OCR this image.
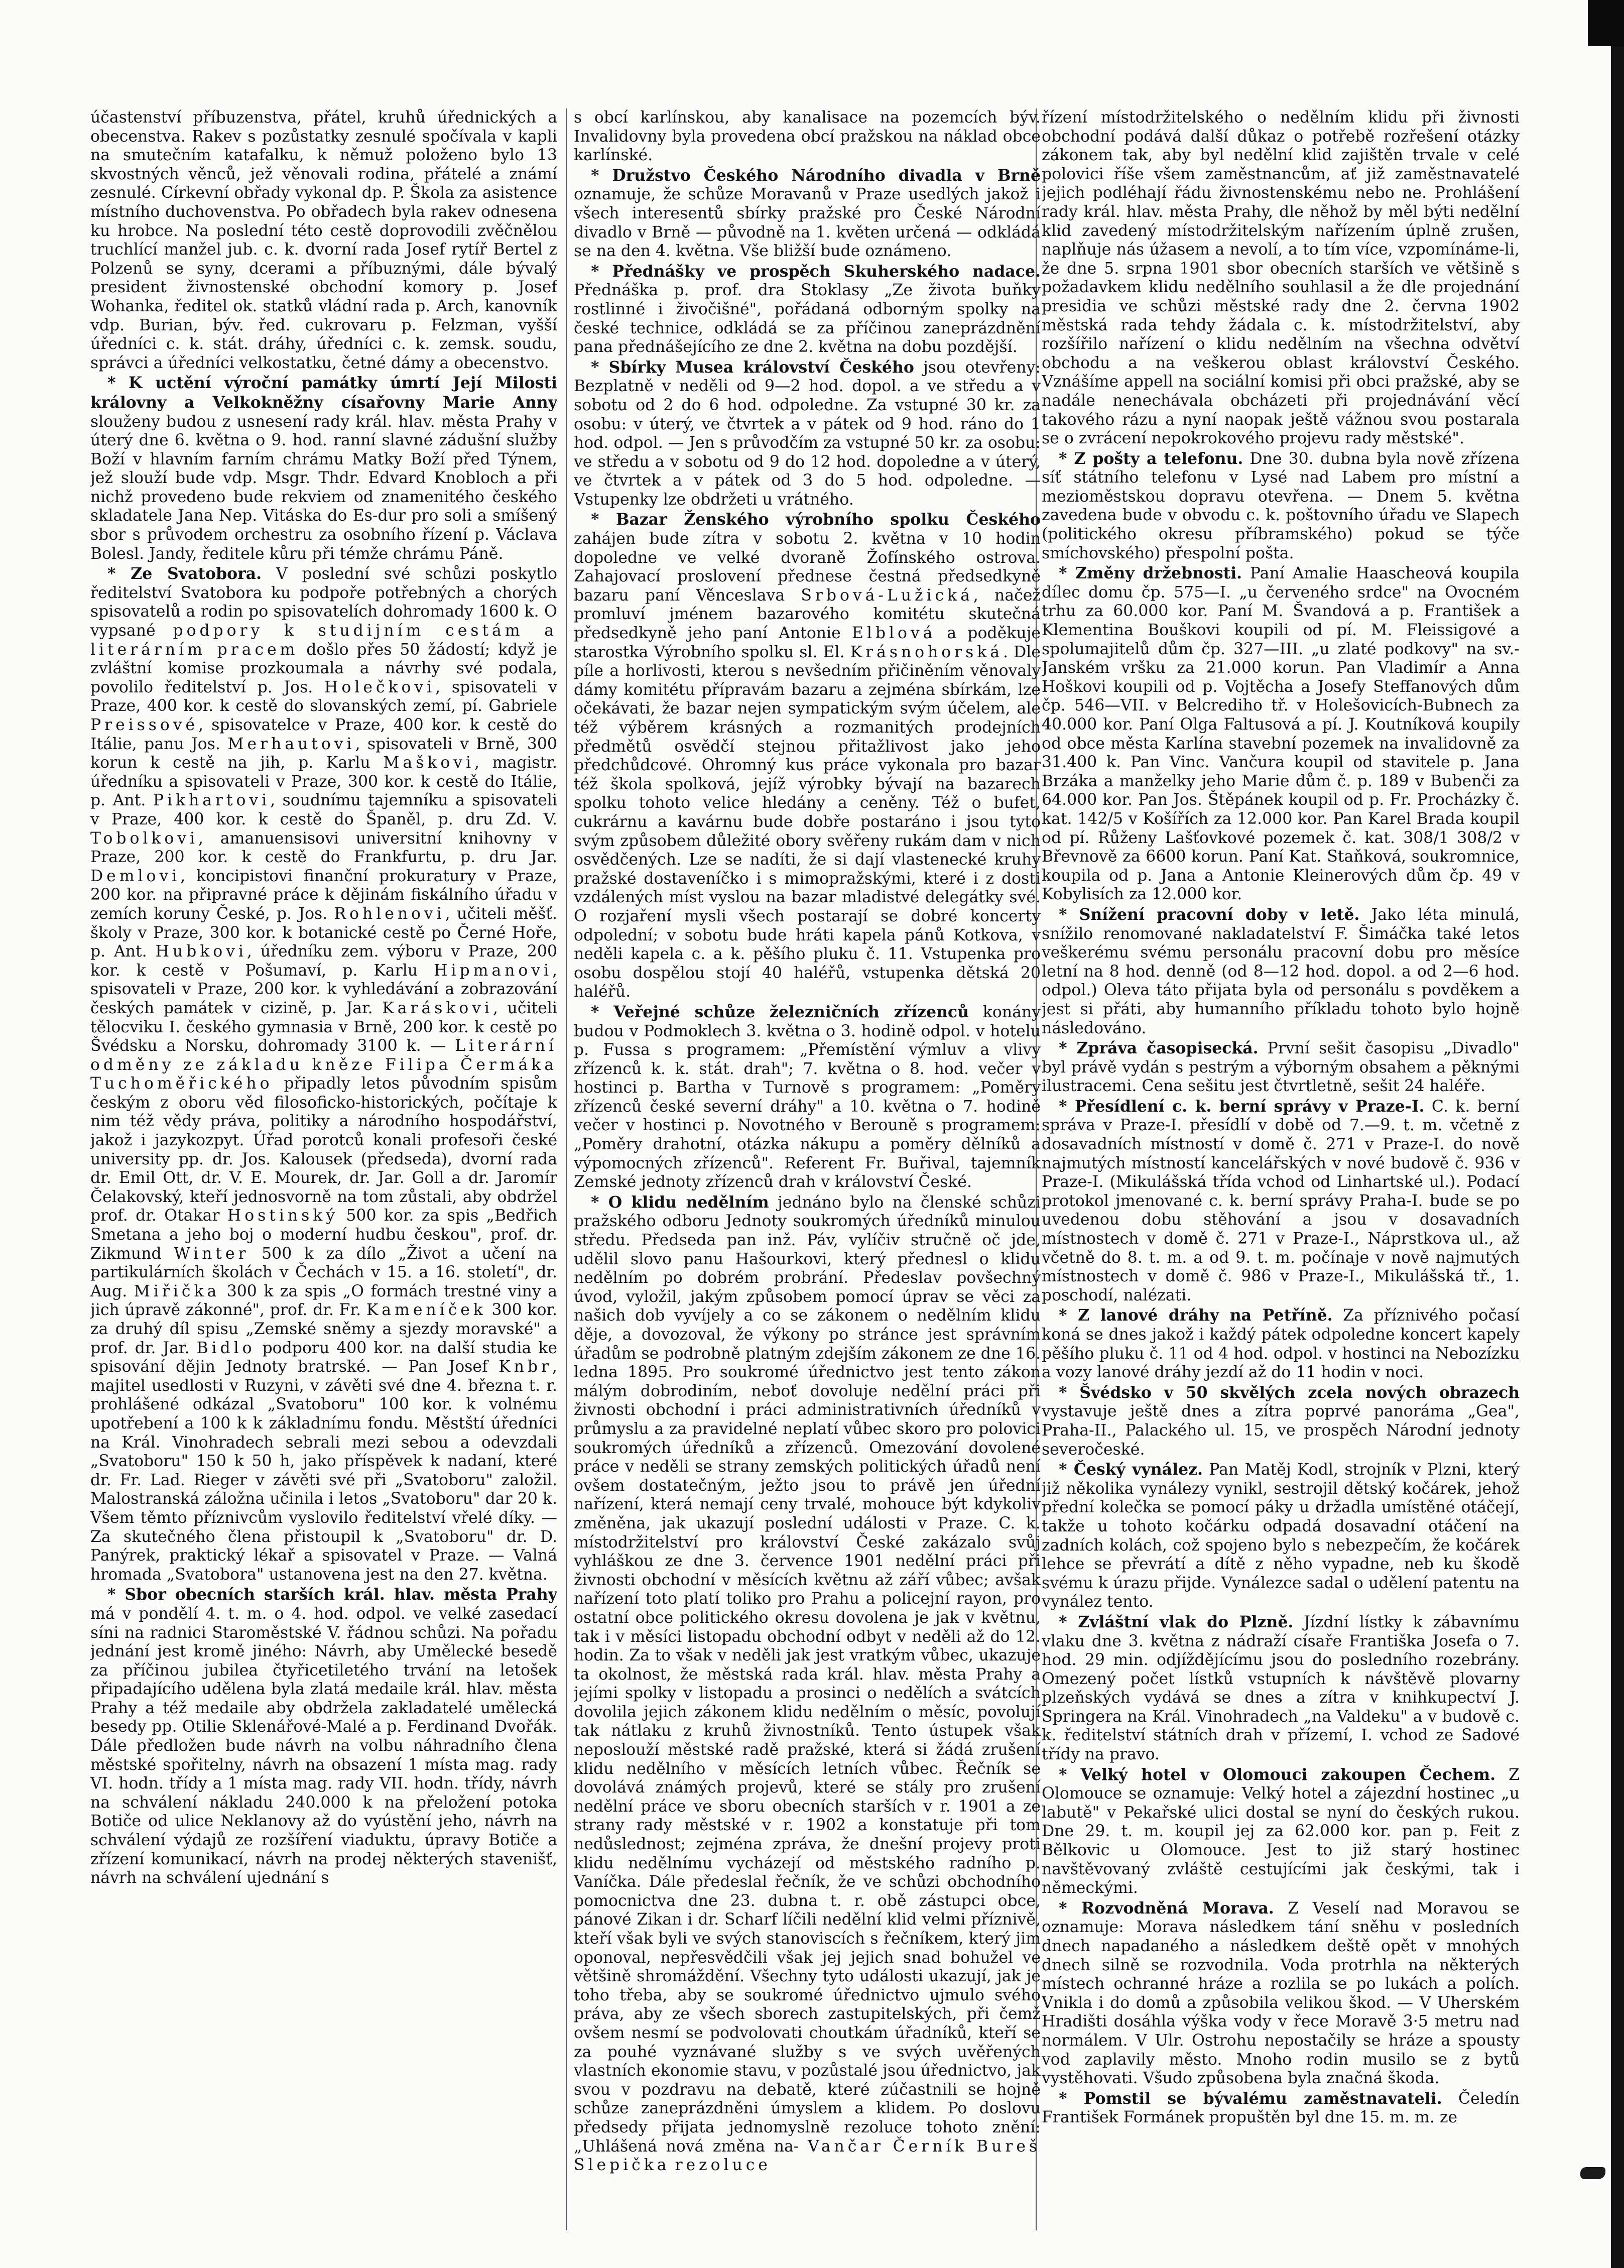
účastenství příbuzenstva, přátel, kruhů úřednických a obecenstva. Rakev s pozůstatky zesnulé spočívala v kapli na smutečním katafalku, k němuž položeno bylo 13 skvostných věnců, jež věnovali rodina, přátelé a známí zesnulé. Církevní obřady vykonal dp. P. Škola za asistence místního duchovenstva. Po obřadech byla rakev odnesena ku hrobce. Na poslední této cestě doprovodili zvěčnělou truchlící manžel jub. c. k. dvorní rada Josef rytíř Bertel z Polzenů se syny, dcerami a příbuznými, dále bývalý president živnostenské obchodní komory p. Josef Wohanka, ředitel ok. statků vládní rada p. Arch, kanovník vdp. Burian, býv. řed. cukrovaru p. Felzman, vyšší úředníci c. k. stát. dráhy, úředníci c. k. zemsk. soudu, správci a úředníci velkostatku, četné dámy a obecenstvo.

* K uctění výroční památky úmrtí Její Milosti královny a Velkokněžny císařovny Marie Anny slouženy budou z usnesení rady král. hlav. města Prahy v úterý dne 6. května o 9. hod. ranní slavné zádušní služby Boží v hlavním farním chrámu Matky Boží před Týnem, jež slouží bude vdp. Msgr. Thdr. Edvard Knobloch a při nichž provedeno bude rekviem od znamenitého českého skladatele Jana Nep. Vitáska do Es-dur pro soli a smíšený sbor s průvodem orchestru za osobního řízení p. Václava Bolesl. Jandy, ředitele kůru při témže chrámu Páně.

* Ze Svatobora. V poslední své schůzi poskytlo ředitelství Svatobora ku podpoře potřebných a chorých spisovatelů a rodin po spisovatelích dohromady 1600 k. O vypsané podpory k studijním cestám a literárním pracem došlo přes 50 žádostí; když je zvláštní komise prozkoumala a návrhy své podala, povolilo ředitelství p. Jos. Holečkovi, spisovateli v Praze, 400 kor. k cestě do slovanských zemí, pí. Gabriele Preissové, spisovatelce v Praze, 400 kor. k cestě do Itálie, panu Jos. Merhautovi, spisovateli v Brně, 300 korun k cestě na jih, p. Karlu Maškovi, magistr. úředníku a spisovateli v Praze, 300 kor. k cestě do Itálie, p. Ant. Pikhartovi, soudnímu tajemníku a spisovateli v Praze, 400 kor. k cestě do Španěl, p. dru Zd. V. Tobolkovi, amanuensisovi universitní knihovny v Praze, 200 kor. k cestě do Frankfurtu, p. dru Jar. Demlovi, koncipistovi finanční prokuratury v Praze, 200 kor. na připravné práce k dějinám fiskálního úřadu v zemích koruny České, p. Jos. Rohlenovi, učiteli měšť. školy v Praze, 300 kor. k botanické cestě po Černé Hoře, p. Ant. Hubkovi, úředníku zem. výboru v Praze, 200 kor. k cestě v Pošumaví, p. Karlu Hipmanovi, spisovateli v Praze, 200 kor. k vyhledávání a zobrazování českých památek v cizině, p. Jar. Karáskovi, učiteli tělocviku I. českého gymnasia v Brně, 200 kor. k cestě po Švédsku a Norsku, dohromady 3100 k. — Literární odměny ze základu kněze Filipa Čermáka Tuchoměřického připadly letos původním spisům českým z oboru věd filosoficko-historických, počítaje k nim též vědy práva, politiky a národního hospodářství, jakož i jazykozpyt. Úřad porotců konali profesoři české university pp. dr. Jos. Kalousek (předseda), dvorní rada dr. Emil Ott, dr. V. E. Mourek, dr. Jar. Goll a dr. Jaromír Čelakovský, kteří jednosvorně na tom zůstali, aby obdržel prof. dr. Otakar Hostinský 500 kor. za spis „Bedřich Smetana a jeho boj o moderní hudbu českou", prof. dr. Zikmund Winter 500 k za dílo „Život a učení na partikulárních školách v Čechách v 15. a 16. století", dr. Aug. Miřička 300 k za spis „O formách trestné viny a jich úpravě zákonné", prof. dr. Fr. Kameníček 300 kor. za druhý díl spisu „Zemské sněmy a sjezdy moravské" a prof. dr. Jar. Bidlo podporu 400 kor. na další studia ke spisování dějin Jednoty bratrské. — Pan Josef Knbr, majitel usedlosti v Ruzyni, v závěti své dne 4. března t. r. prohlášené odkázal „Svatoboru" 100 kor. k volnému upotřebení a 100 k k základnímu fondu. Městští úředníci na Král. Vinohradech sebrali mezi sebou a odevzdali „Svatoboru" 150 k 50 h, jako příspěvek k nadaní, které dr. Fr. Lad. Rieger v závěti své při „Svatoboru" založil. Malostranská záložna učinila i letos „Svatoboru" dar 20 k. Všem těmto příznivcům vyslovilo ředitelství vřelé díky. — Za skutečného člena přistoupil k „Svatoboru" dr. D. Panýrek, praktický lékař a spisovatel v Praze. — Valná hromada „Svatobora" ustanovena jest na den 27. května.

* Sbor obecních starších král. hlav. města Prahy má v pondělí 4. t. m. o 4. hod. odpol. ve velké zasedací síni na radnici Staroměstské V. řádnou schůzi. Na pořadu jednání jest kromě jiného: Návrh, aby Umělecké besedě za příčinou jubilea čtyřicetiletého trvání na letošek připadajícího udělena byla zlatá medaile král. hlav. města Prahy a též medaile aby obdržela zakladatelé umělecká besedy pp. Otilie Sklenářové-Malé a p. Ferdinand Dvořák. Dále předložen bude návrh na volbu náhradního člena městské spořitelny, návrh na obsazení 1 místa mag. rady VI. hodn. třídy a 1 místa mag. rady VII. hodn. třídy, návrh na schválení nákladu 240.000 k na přeložení potoka Botiče od ulice Neklanovy až do vyústění jeho, návrh na schválení výdajů ze rozšíření viaduktu, úpravy Botiče a zřízení komunikací, návrh na prodej některých stavenišť, návrh na schválení ujednání s

s obcí karlínskou, aby kanalisace na pozemcích býv. Invalidovny byla provedena obcí pražskou na náklad obce karlínské.

* Družstvo Českého Národního divadla v Brně oznamuje, že schůze Moravanů v Praze usedlých jakož i všech interesentů sbírky pražské pro České Národní divadlo v Brně — původně na 1. květen určená — odkládá se na den 4. května. Vše bližší bude oznámeno.

* Přednášky ve prospěch Skuherského nadace. Přednáška p. prof. dra Stoklasy „Ze života buňky rostlinné i živočišné", pořádaná odborným spolky na české technice, odkládá se za příčinou zaneprázdnění pana přednášejícího ze dne 2. května na dobu pozdější.

* Sbírky Musea království Českého jsou otevřeny: Bezplatně v neděli od 9—2 hod. dopol. a ve středu a v sobotu od 2 do 6 hod. odpoledne. Za vstupné 30 kr. za osobu: v úterý, ve čtvrtek a v pátek od 9 hod. ráno do 1 hod. odpol. — Jen s průvodčím za vstupné 50 kr. za osobu: ve středu a v sobotu od 9 do 12 hod. dopoledne a v úterý, ve čtvrtek a v pátek od 3 do 5 hod. odpoledne. — Vstupenky lze obdržeti u vrátného.

* Bazar Ženského výrobního spolku Českého zahájen bude zítra v sobotu 2. května v 10 hodin dopoledne ve velké dvoraně Žofínského ostrova. Zahajovací proslovení přednese čestná předsedkyně bazaru paní Věnceslava Srbová-Lužická, načež promluví jménem bazarového komitétu skutečná předsedkyně jeho paní Antonie Elblová a poděkuje starostka Výrobního spolku sl. El. Krásnohorská. Dle píle a horlivosti, kterou s nevšedním přičiněním věnovaly dámy komitétu přípravám bazaru a zejména sbírkám, lze očekávati, že bazar nejen sympatickým svým účelem, ale též výběrem krásných a rozmanitých prodejních předmětů osvědčí stejnou přitažlivost jako jeho předchůdcové. Ohromný kus práce vykonala pro bazar též škola spolková, jejíž výrobky bývají na bazarech spolku tohoto velice hledány a ceněny. Též o bufet, cukrárnu a kavárnu bude dobře postaráno i jsou tyto svým způsobem důležité obory svěřeny rukám dam v nich osvědčených. Lze se nadíti, že si dají vlastenecké kruhy pražské dostaveníčko i s mimopražskými, které i z dosti vzdálených míst vyslou na bazar mladistvé delegátky své. O rozjaření mysli všech postarají se dobré koncerty odpolední; v sobotu bude hráti kapela pánů Kotkova, v neděli kapela c. a k. pěšího pluku č. 11. Vstupenka pro osobu dospělou stojí 40 haléřů, vstupenka dětská 20 haléřů.

* Veřejné schůze železničních zřízenců konány budou v Podmoklech 3. května o 3. hodině odpol. v hotelu p. Fussa s programem: „Přemístění výmluv a vlivy zřízenců k. k. stát. drah"; 7. května o 8. hod. večer v hostinci p. Bartha v Turnově s programem: „Poměry zřízenců české severní dráhy" a 10. května o 7. hodině večer v hostinci p. Novotného v Berouně s programem: „Poměry drahotní, otázka nákupu a poměry dělníků a výpomocných zřízenců". Referent Fr. Buřival, tajemník Zemské jednoty zřízenců drah v království České.

* O klidu nedělním jednáno bylo na členské schůzi pražského odboru Jednoty soukromých úředníků minulou středu. Předseda pan inž. Páv, vylíčiv stručně oč jde, udělil slovo panu Hašourkovi, který přednesl o klidu nedělním po dobrém probrání. Předeslav povšechný úvod, vyložil, jakým způsobem pomocí úprav se věci za našich dob vyvíjely a co se zákonem o nedělním klidu děje, a dovozoval, že výkony po stránce jest správním úřadům se podrobně platným zdejším zákonem ze dne 16. ledna 1895. Pro soukromé úřednictvo jest tento zákon málým dobrodiním, neboť dovoluje nedělní práci při živnosti obchodní i práci administrativních úředníků v průmyslu a za pravidelné neplatí vůbec skoro pro polovici soukromých úředníků a zřízenců. Omezování dovolené práce v neděli se strany zemských politických úřadů není ovšem dostatečným, ježto jsou to právě jen úřední nařízení, která nemají ceny trvalé, mohouce být kdykoliv změněna, jak ukazují poslední události v Praze. C. k. místodržitelství pro království České zakázalo svůj vyhláškou ze dne 3. července 1901 nedělní práci při živnosti obchodní v měsících květnu až září vůbec; avšak nařízení toto platí toliko pro Prahu a policejní rayon, pro ostatní obce politického okresu dovolena je jak v květnu, tak i v měsíci listopadu obchodní odbyt v neděli až do 12. hodin. Za to však v neděli jak jest vratkým vůbec, ukazuje ta okolnost, že městská rada král. hlav. města Prahy a jejími spolky v listopadu a prosinci o nedělích a svátcích dovolila jejich zákonem klidu nedělním o měsíc, povolují tak nátlaku z kruhů živnostníků. Tento ústupek však neposlouží městské radě pražské, která si žádá zrušení klidu nedělního v měsících letních vůbec. Řečník se dovolává známých projevů, které se stály pro zrušení nedělní práce ve sboru obecních starších v r. 1901 a ze strany rady městské v r. 1902 a konstatuje při tom nedůslednost; zejména zpráva, že dnešní projevy proti klidu nedělnímu vycházejí od městského radního p. Vaníčka. Dále předeslal řečník, že ve schůzi obchodního pomocnictva dne 23. dubna t. r. obě zástupci obce, pánové Zikan i dr. Scharf líčili nedělní klid velmi příznivě, kteří však byli ve svých stanoviscích s řečníkem, který jim oponoval, nepřesvědčili však jej jejich snad bohužel ve většině shromáždění. Všechny tyto události ukazují, jak je toho třeba, aby se soukromé úřednictvo ujmulo svého práva, aby ze všech sborech zastupitelských, při čemž ovšem nesmí se podvolovati choutkám úřadníků, kteří se za pouhé vyznávané služby s ve svých uvěřených vlastních ekonomie stavu, v pozůstalé jsou úřednictvo, jak svou v pozdravu na debatě, které zúčastnili se hojně schůze zaneprázdněni úmyslem a klidem. Po doslovu předsedy přijata jednomyslně rezoluce tohoto znění: „Uhlášená nová změna na- Vančar Černík Bureš Slepička rezoluce

řízení místodržitelského o nedělním klidu při živnosti obchodní podává další důkaz o potřebě rozřešení otázky zákonem tak, aby byl nedělní klid zajištěn trvale v celé polovici říše všem zaměstnancům, ať již zaměstnavatelé jejich podléhají řádu živnostenskému nebo ne. Prohlášení rady král. hlav. města Prahy, dle něhož by měl býti nedělní klid zavedený místodržitelským nařízením úplně zrušen, naplňuje nás úžasem a nevolí, a to tím více, vzpomínáme-li, že dne 5. srpna 1901 sbor obecních starších ve většině s požadavkem klidu nedělního souhlasil a že dle projednání presidia ve schůzi městské rady dne 2. června 1902 městská rada tehdy žádala c. k. místodržitelství, aby rozšířilo nařízení o klidu nedělním na všechna odvětví obchodu a na veškerou oblast království Českého. Vznášíme appell na sociální komisi při obci pražské, aby se nadále nenechávala obcházeti při projednávání věcí takového rázu a nyní naopak ještě vážnou svou postarala se o zvrácení nepokrokového projevu rady městské".

* Z pošty a telefonu. Dne 30. dubna byla nově zřízena síť státního telefonu v Lysé nad Labem pro místní a mezioměstskou dopravu otevřena. — Dnem 5. května zavedena bude v obvodu c. k. poštovního úřadu ve Slapech (politického okresu příbramského) pokud se týče smíchovského) přespolní pošta.

* Změny držebnosti. Paní Amalie Haascheová koupila dílec domu čp. 575—I. „u červeného srdce" na Ovocném trhu za 60.000 kor. Paní M. Švandová a p. František a Klementina Bouškovi koupili od pí. M. Fleissigové a spolumajitelů dům čp. 327—III. „u zlaté podkovy" na sv.-Janském vršku za 21.000 korun. Pan Vladimír a Anna Hoškovi koupili od p. Vojtěcha a Josefy Steffanových dům čp. 546—VII. v Belcrediho tř. v Holešovicích-Bubnech za 40.000 kor. Paní Olga Faltusová a pí. J. Koutníková koupily od obce města Karlína stavební pozemek na invalidovně za 31.400 k. Pan Vinc. Vančura koupil od stavitele p. Jana Brzáka a manželky jeho Marie dům č. p. 189 v Bubenči za 64.000 kor. Pan Jos. Štěpánek koupil od p. Fr. Procházky č. kat. 142/5 v Košířích za 12.000 kor. Pan Karel Brada koupil od pí. Růženy Lašťovkové pozemek č. kat. 308/1 308/2 v Břevnově za 6600 korun. Paní Kat. Staňková, soukromnice, koupila od p. Jana a Antonie Kleinerových dům čp. 49 v Kobylisích za 12.000 kor.

* Snížení pracovní doby v letě. Jako léta minulá, snížilo renomované nakladatelství F. Šimáčka také letos veškerému svému personálu pracovní dobu pro měsíce letní na 8 hod. denně (od 8—12 hod. dopol. a od 2—6 hod. odpol.) Oleva táto přijata byla od personálu s povděkem a jest si přáti, aby humanního příkladu tohoto bylo hojně následováno.

* Zpráva časopisecká. První sešit časopisu „Divadlo" byl právě vydán s pestrým a výborným obsahem a pěknými ilustracemi. Cena sešitu jest čtvrtletně, sešit 24 haléře.

* Přesídlení c. k. berní správy v Praze-I. C. k. berní správa v Praze-I. přesídlí v době od 7.—9. t. m. včetně z dosavadních místností v domě č. 271 v Praze-I. do nově najmutých místností kancelářských v nové budově č. 936 v Praze-I. (Mikulášská třída vchod od Linhartské ul.). Podací protokol jmenované c. k. berní správy Praha-I. bude se po uvedenou dobu stěhování a jsou v dosavadních místnostech v domě č. 271 v Praze-I., Náprstkova ul., až včetně do 8. t. m. a od 9. t. m. počínaje v nově najmutých místnostech v domě č. 986 v Praze-I., Mikulášská tř., 1. poschodí, nalézati.

* Z lanové dráhy na Petříně. Za příznivého počasí koná se dnes jakož i každý pátek odpoledne koncert kapely pěšího pluku č. 11 od 4 hod. odpol. v hostinci na Nebozízku a vozy lanové dráhy jezdí až do 11 hodin v noci.

* Švédsko v 50 skvělých zcela nových obrazech vystavuje ještě dnes a zítra poprvé panoráma „Gea", Praha-II., Palackého ul. 15, ve prospěch Národní jednoty severočeské.

* Český vynález. Pan Matěj Kodl, strojník v Plzni, který již několika vynálezy vynikl, sestrojil dětský kočárek, jehož přední kolečka se pomocí páky u držadla umístěné otáčejí, takže u tohoto kočárku odpadá dosavadní otáčení na zadních kolách, což spojeno bylo s nebezpečím, že kočárek lehce se převrátí a dítě z něho vypadne, neb ku škodě svému k úrazu přijde. Vynálezce sadal o udělení patentu na vynález tento.

* Zvláštní vlak do Plzně. Jízdní lístky k zábavnímu vlaku dne 3. května z nádraží císaře Františka Josefa o 7. hod. 29 min. odjíždějícímu jsou do posledního rozebrány. Omezený počet lístků vstupních k návštěvě plovarny plzeňských vydává se dnes a zítra v knihkupectví J. Springera na Král. Vinohradech „na Valdeku" a v budově c. k. ředitelství státních drah v přízemí, I. vchod ze Sadové třídy na pravo.

* Velký hotel v Olomouci zakoupen Čechem. Z Olomouce se oznamuje: Velký hotel a zájezdní hostinec „u labutě" v Pekařské ulici dostal se nyní do českých rukou. Dne 29. t. m. koupil jej za 62.000 kor. pan p. Feit z Bělkovic u Olomouce. Jest to již starý hostinec navštěvovaný zvláště cestujícími jak českými, tak i německými.

* Rozvodněná Morava. Z Veselí nad Moravou se oznamuje: Morava následkem tání sněhu v posledních dnech napadaného a následkem deště opět v mnohých dnech silně se rozvodnila. Voda protrhla na některých místech ochranné hráze a rozlila se po lukách a polích. Vnikla i do domů a způsobila velikou škod. — V Uherském Hradišti dosáhla výška vody v řece Moravě 3·5 metru nad normálem. V Ulr. Ostrohu nepostačily se hráze a spousty vod zaplavily město. Mnoho rodin musilo se z bytů vystěhovati. Všudo způsobena byla značná škoda.

* Pomstil se bývalému zaměstnavateli. Čeledín František Formánek propuštěn byl dne 15. m. m. ze
